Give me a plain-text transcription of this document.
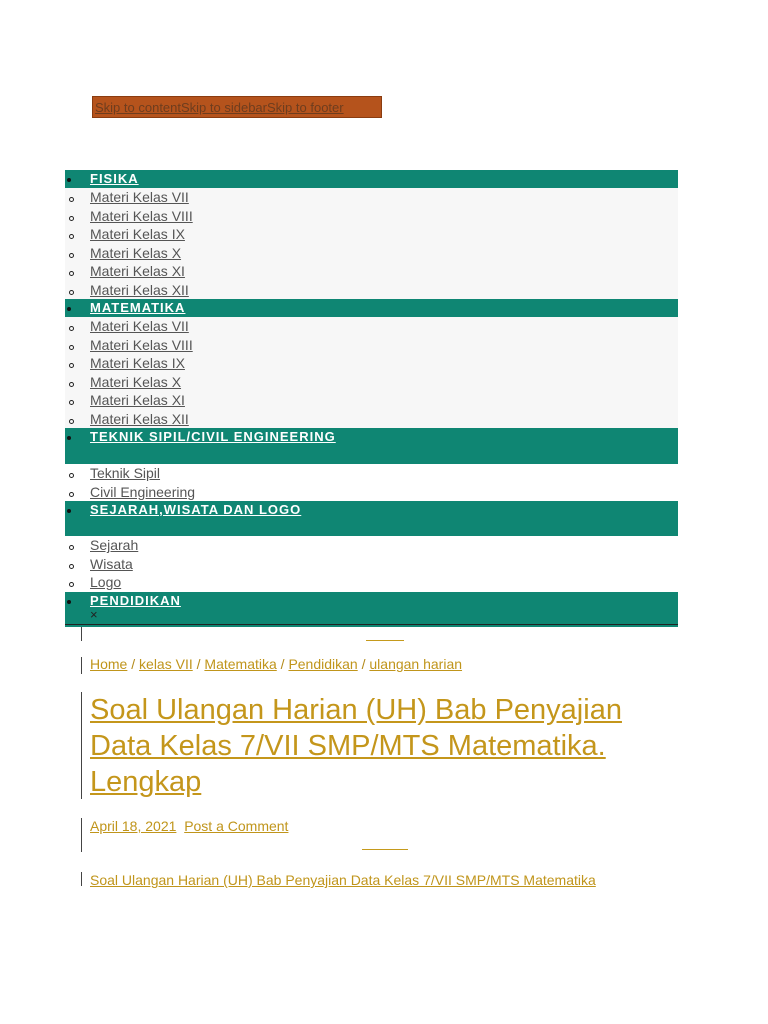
Skip to content Skip to sidebar Skip to footer
FISIKA
Materi Kelas VII
Materi Kelas VIII
Materi Kelas IX
Materi Kelas X
Materi Kelas XI
Materi Kelas XII
MATEMATIKA
Materi Kelas VII
Materi Kelas VIII
Materi Kelas IX
Materi Kelas X
Materi Kelas XI
Materi Kelas XII
TEKNIK SIPIL/CIVIL ENGINEERING
Teknik Sipil
Civil Engineering
SEJARAH,WISATA DAN LOGO
Sejarah
Wisata
Logo
PENDIDIKAN
×
Home / kelas VII / Matematika / Pendidikan / ulangan harian
Soal Ulangan Harian (UH) Bab Penyajian Data Kelas 7/VII SMP/MTS Matematika. Lengkap
April 18, 2021 Post a Comment
Soal Ulangan Harian (UH) Bab Penyajian Data Kelas 7/VII SMP/MTS Matematika
